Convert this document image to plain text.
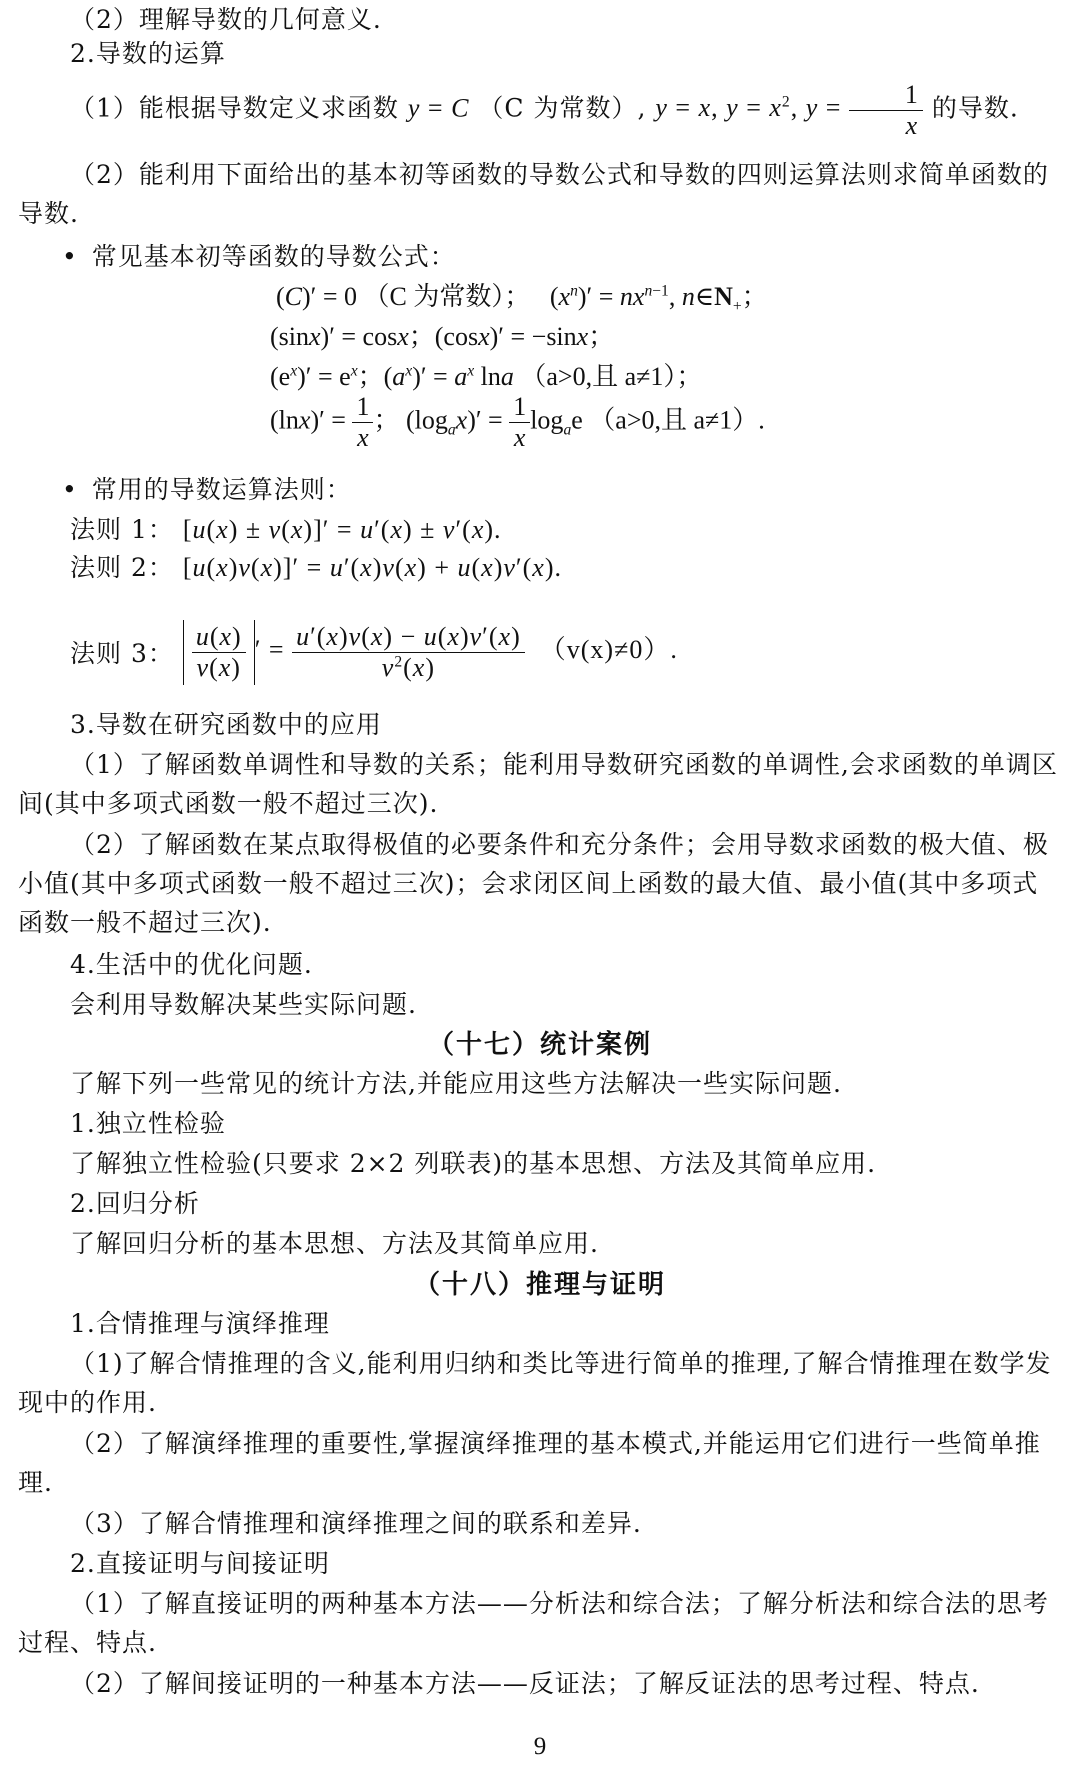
（2）理解导数的几何意义.
2.导数的运算
（1）能根据导数定义求函数 y = C （C 为常数）, y = x, $y = x^2$, $y = \frac{1}{x}$ 的导数.
（2）能利用下面给出的基本初等函数的导数公式和导数的四则运算法则求简单函数的导数.
• 常见基本初等函数的导数公式：
(C)′ = 0 （C 为常数）；   $(x^n)' = nx^{n-1}$, $n\in N_+$；
(sinx)′ = cosx；(cosx)′ = −sinx；
$(e^x)' = e^x$；$(a^x)' = a^x$ lna （a>0,且 a≠1）；
$(\ln x)' = \frac{1}{x}$ ； $(\log_ax)' = \frac{1}{x} \log_ae$ （a>0,且 a≠1）.
• 常用的导数运算法则：
法则 1： [u(x) ± v(x)]′ = u′(x) ± v′(x).
法则 2： [u(x)v(x)]′ = u′(x)v(x) + u(x)v′(x).
法则 3： $\frac{u(x)}{v(x)}$ ′ = $\frac{u'(x)v(x) - u(x)v'(x)}{v^2(x)} (v(x)\ne 0)$.
3.导数在研究函数中的应用
（1）了解函数单调性和导数的关系；能利用导数研究函数的单调性,会求函数的单调区间(其中多项式函数一般不超过三次).
（2）了解函数在某点取得极值的必要条件和充分条件；会用导数求函数的极大值、极小值(其中多项式函数一般不超过三次)；会求闭区间上函数的最大值、最小值(其中多项式函数一般不超过三次).
4.生活中的优化问题.
会利用导数解决某些实际问题.
（十七）统计案例
了解下列一些常见的统计方法,并能应用这些方法解决一些实际问题.
1.独立性检验
了解独立性检验(只要求 2×2 列联表)的基本思想、方法及其简单应用.
2.回归分析
了解回归分析的基本思想、方法及其简单应用.
（十八）推理与证明
1.合情推理与演绎推理
（1)了解合情推理的含义,能利用归纳和类比等进行简单的推理,了解合情推理在数学发现中的作用.
（2）了解演绎推理的重要性,掌握演绎推理的基本模式,并能运用它们进行一些简单推理.
（3）了解合情推理和演绎推理之间的联系和差异.
2.直接证明与间接证明
（1）了解直接证明的两种基本方法——分析法和综合法；了解分析法和综合法的思考过程、特点.
（2）了解间接证明的一种基本方法——反证法；了解反证法的思考过程、特点.
9
